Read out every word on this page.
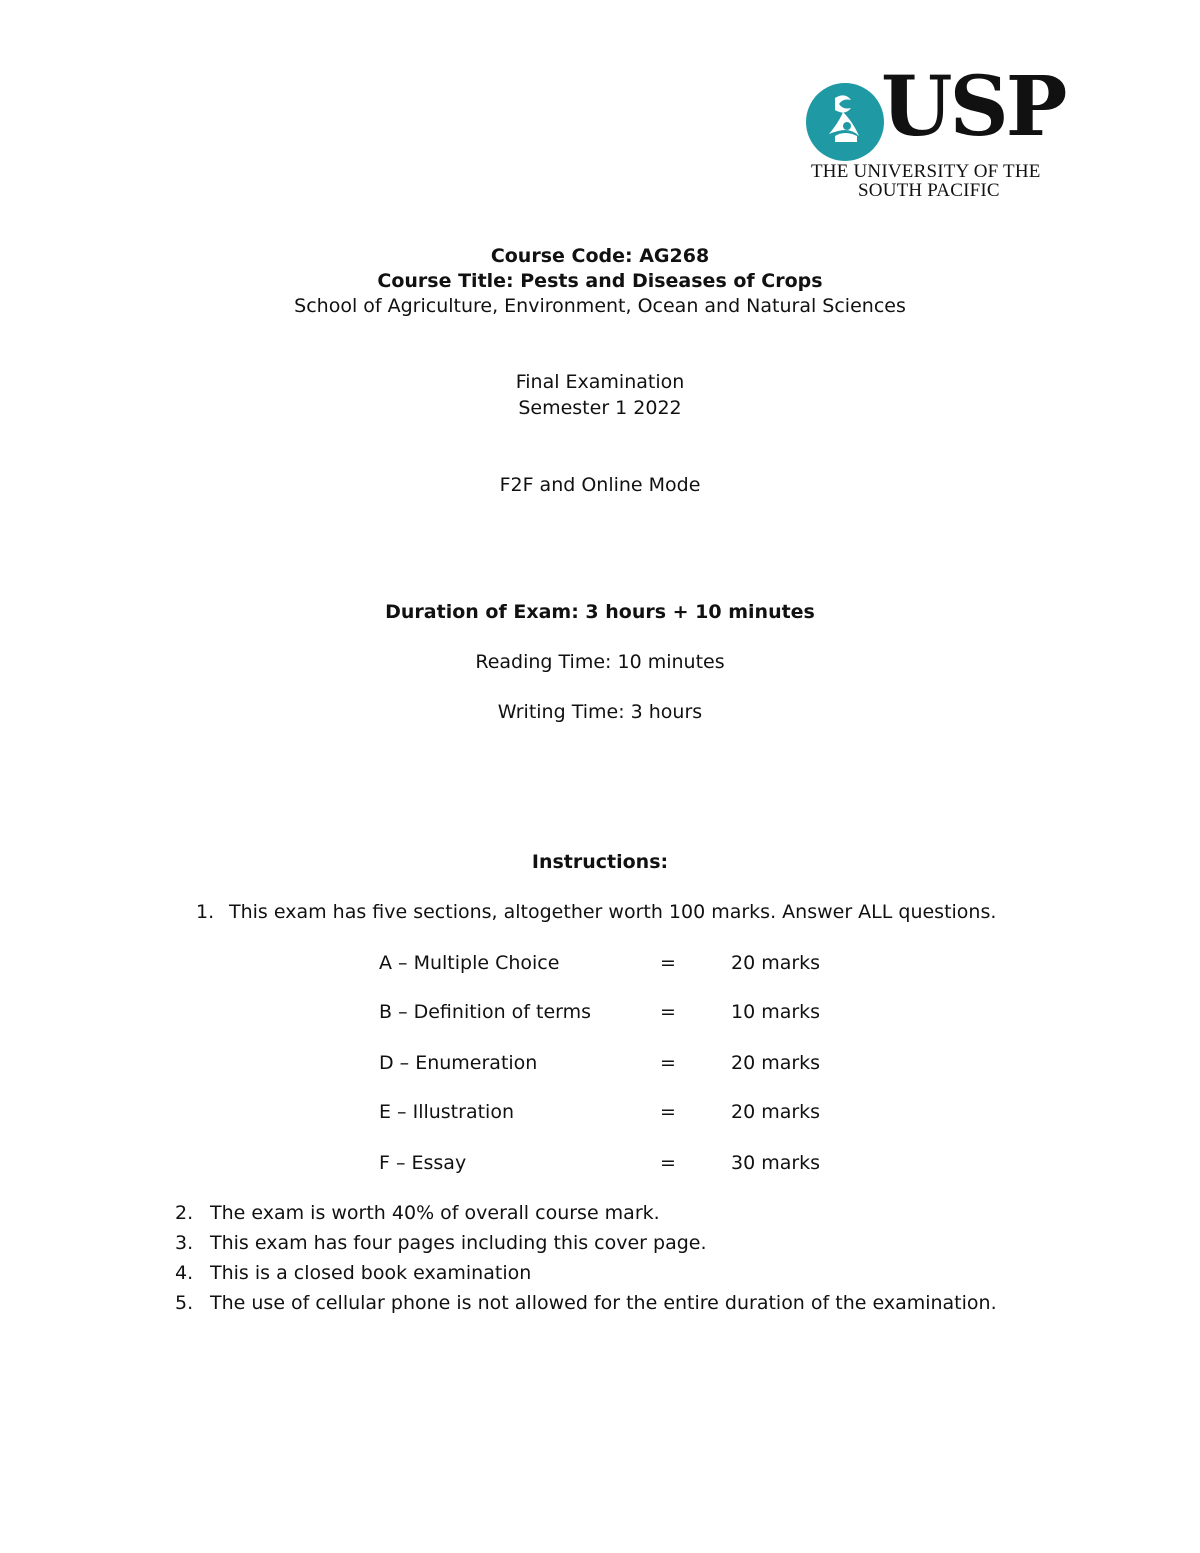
USP
THE UNIVERSITY OF THE
SOUTH PACIFIC
Course Code: AG268
Course Title: Pests and Diseases of Crops
School of Agriculture, Environment, Ocean and Natural Sciences
Final Examination
Semester 1 2022
F2F and Online Mode
Duration of Exam: 3 hours + 10 minutes
Reading Time: 10 minutes
Writing Time: 3 hours
Instructions:
1. This exam has five sections, altogether worth 100 marks. Answer ALL questions.
A – Multiple Choice	=	20 marks
B – Definition of terms	=	10 marks
D – Enumeration	=	20 marks
E – Illustration	=	20 marks
F – Essay	=	30 marks
2. The exam is worth 40% of overall course mark.
3. This exam has four pages including this cover page.
4. This is a closed book examination
5. The use of cellular phone is not allowed for the entire duration of the examination.
